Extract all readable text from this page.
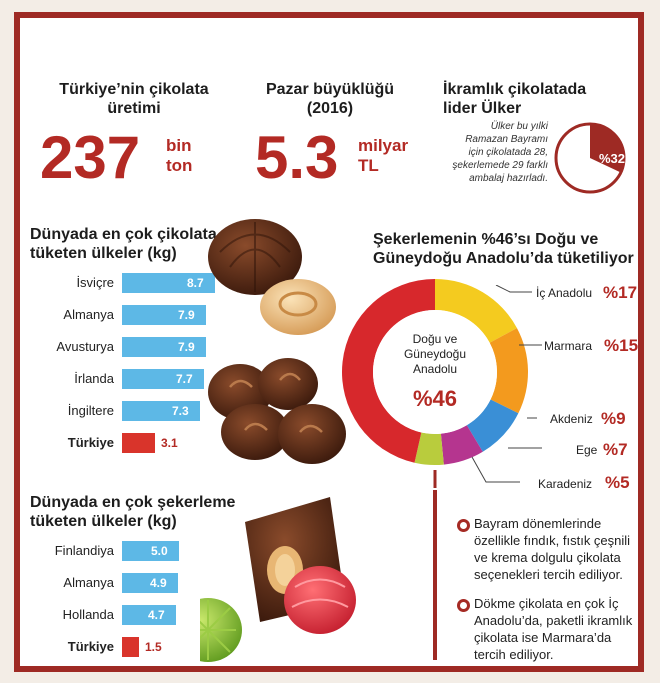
Türkiye’nin çikolata
üretimi
237 bin
ton
Pazar büyüklüğü
(2016)
5.3 milyar
TL
İkramlık çikolatada
lider Ülker
Ülker bu yılki
Ramazan Bayramı
için çikolatada 28,
şekerlemede 29 farklı
ambalaj hazırladı.
%32
Dünyada en çok çikolata
tüketen ülkeler (kg)
İsviçre	8.7
Almanya	7.9
Avusturya	7.9
İrlanda	7.7
İngiltere	7.3
Türkiye	3.1
Dünyada en çok şekerleme
tüketen ülkeler (kg)
Finlandiya	5.0
Almanya	4.9
Hollanda	4.7
Türkiye	1.5
Şekerlemenin %46’sı Doğu ve
Güneydoğu Anadolu’da tüketiliyor
Doğu ve
Güneydoğu
Anadolu
%46
İç Anadolu %17
Marmara %15
Akdeniz %9
Ege %7
Karadeniz %5
Bayram dönemlerinde
özellikle fındık, fıstık çeşnili
ve krema dolgulu çikolata
seçenekleri tercih ediliyor.
Dökme çikolata en çok İç
Anadolu’da, paketli ikramlık
çikolata ise Marmara’da
tercih ediliyor.
